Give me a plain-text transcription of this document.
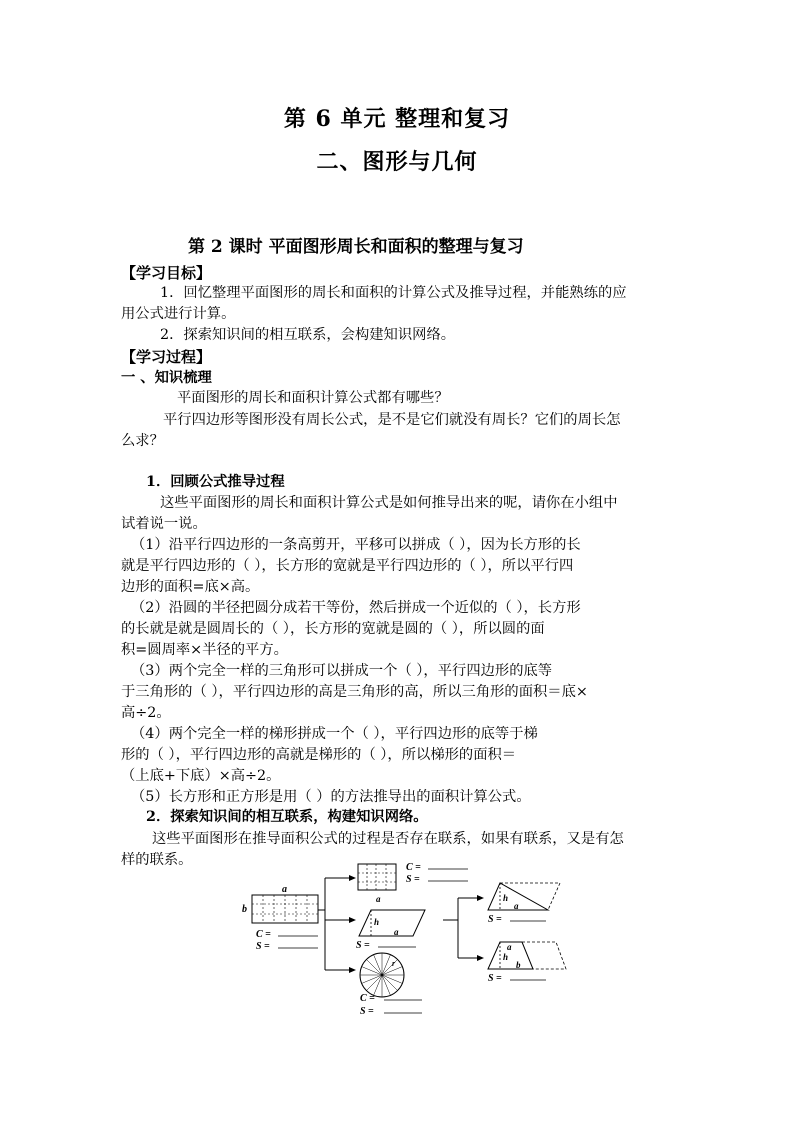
第 6 单元 整理和复习
二、图形与几何
第 2 课时 平面图形周长和面积的整理与复习
【学习目标】
1．回忆整理平面图形的周长和面积的计算公式及推导过程，并能熟练的应
用公式进行计算。
2．探索知识间的相互联系，会构建知识网络。
【学习过程】
一 、知识梳理
平面图形的周长和面积计算公式都有哪些？
平行四边形等图形没有周长公式，是不是它们就没有周长？它们的周长怎
么求？
1．回顾公式推导过程
这些平面图形的周长和面积计算公式是如何推导出来的呢，请你在小组中
试着说一说。
（1）沿平行四边形的一条高剪开，平移可以拼成（ ），因为长方形的长
就是平行四边形的（ ），长方形的宽就是平行四边形的（ ），所以平行四
边形的面积=底×高。
（2）沿圆的半径把圆分成若干等份，然后拼成一个近似的（ ），长方形
的长就是就是圆周长的（ ），长方形的宽就是圆的（ ），所以圆的面
积=圆周率×半径的平方。
（3）两个完全一样的三角形可以拼成一个（ ），平行四边形的底等
于三角形的（ ），平行四边形的高是三角形的高，所以三角形的面积＝底×
高÷2。
（4）两个完全一样的梯形拼成一个（ ），平行四边形的底等于梯
形的（ ），平行四边形的高就是梯形的（ ），所以梯形的面积＝
（上底+下底）×高÷2。
（5）长方形和正方形是用（ ）的方法推导出的面积计算公式。
2．探索知识间的相互联系，构建知识网络。
这些平面图形在推导面积公式的过程是否存在联系，如果有联系，又是有怎
样的联系。
a
b
C =
S =
a
C =
S =
h
a
S =
r
C =
S =
h
a
S =
a
h
b
S =
